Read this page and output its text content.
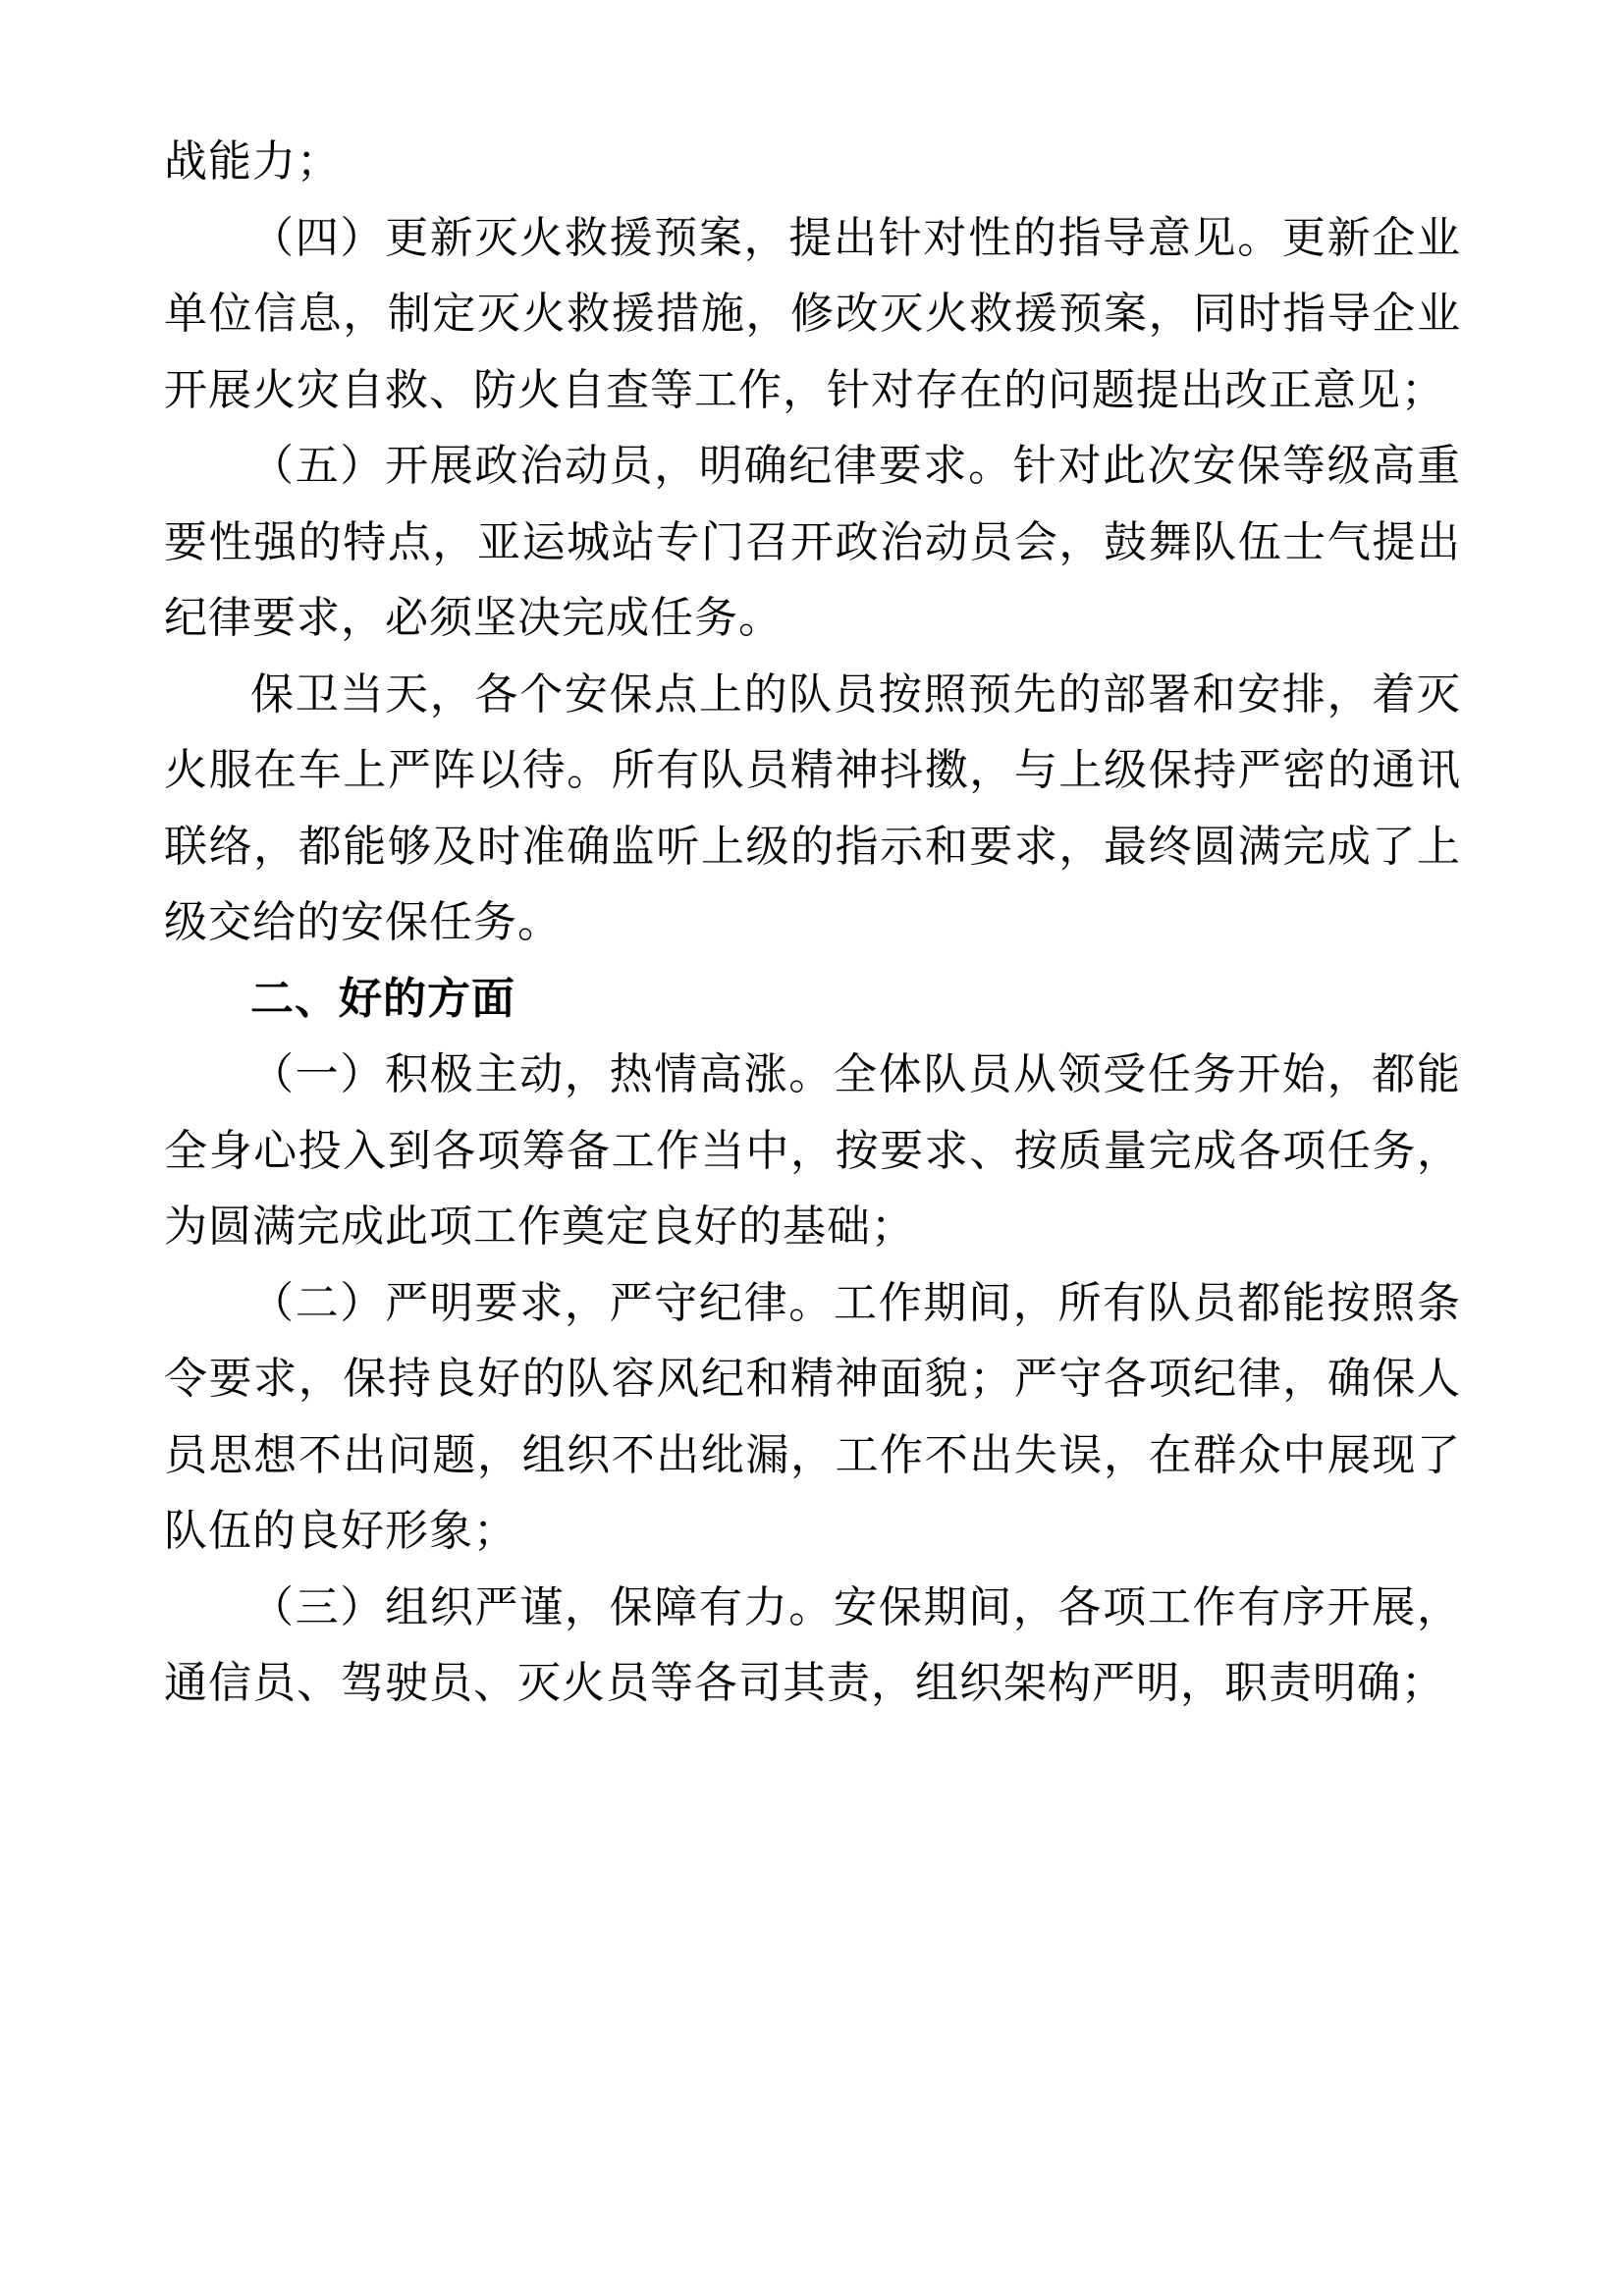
战能力；

（四）更新灭火救援预案，提出针对性的指导意见。更新企业单位信息，制定灭火救援措施，修改灭火救援预案，同时指导企业开展火灾自救、防火自查等工作，针对存在的问题提出改正意见；

（五）开展政治动员，明确纪律要求。针对此次安保等级高重要性强的特点，亚运城站专门召开政治动员会，鼓舞队伍士气提出纪律要求，必须坚决完成任务。

保卫当天，各个安保点上的队员按照预先的部署和安排，着灭火服在车上严阵以待。所有队员精神抖擞，与上级保持严密的通讯联络，都能够及时准确监听上级的指示和要求，最终圆满完成了上级交给的安保任务。

二、好的方面

（一）积极主动，热情高涨。全体队员从领受任务开始，都能全身心投入到各项筹备工作当中，按要求、按质量完成各项任务，为圆满完成此项工作奠定良好的基础；

（二）严明要求，严守纪律。工作期间，所有队员都能按照条令要求，保持良好的队容风纪和精神面貌；严守各项纪律，确保人员思想不出问题，组织不出纰漏，工作不出失误，在群众中展现了队伍的良好形象；

（三）组织严谨，保障有力。安保期间，各项工作有序开展，通信员、驾驶员、灭火员等各司其责，组织架构严明，职责明确；
